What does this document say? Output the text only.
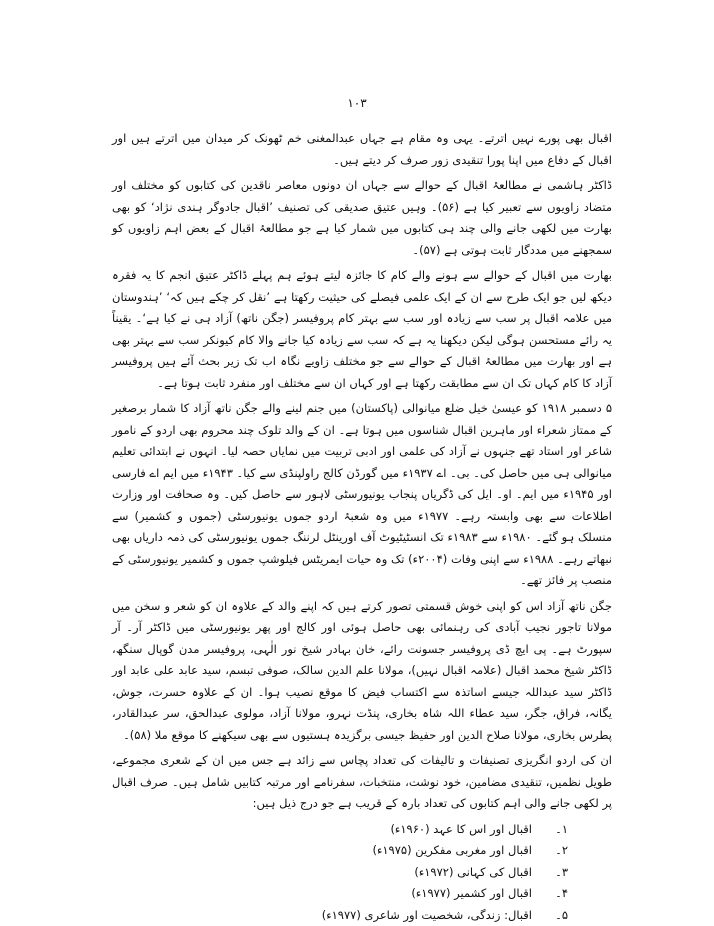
۱۰۳

اقبال بھی پورے نہیں اترتے۔ یہی وہ مقام ہے جہاں عبدالمغنی خم ٹھونک کر میدان میں اترتے ہیں اور اقبال کے دفاع میں اپنا پورا تنقیدی زور صرف کر دیتے ہیں۔

ڈاکٹر ہاشمی نے مطالعۂ اقبال کے حوالے سے جہاں ان دونوں معاصر ناقدین کی کتابوں کو مختلف اور متضاد زاویوں سے تعبیر کیا ہے (۵۶)۔ وہیں عتیق صدیقی کی تصنیف ’اقبال جادوگر ہندی نژاد‘ کو بھی بھارت میں لکھی جانے والی چند ہی کتابوں میں شمار کیا ہے جو مطالعۂ اقبال کے بعض اہم زاویوں کو سمجھنے میں مددگار ثابت ہوتی ہے (۵۷)۔

بھارت میں اقبال کے حوالے سے ہونے والے کام کا جائزہ لیتے ہوئے ہم پہلے ڈاکٹر عتیق انجم کا یہ فقرہ دیکھ لیں جو ایک طرح سے ان کے ایک علمی فیصلے کی حیثیت رکھتا ہے ’نقل کر چکے ہیں کہ‘ ’ہندوستان میں علامہ اقبال پر سب سے زیادہ اور سب سے بہتر کام پروفیسر (جگن ناتھ) آزاد ہی نے کیا ہے‘۔ یقیناً یہ رائے مستحسن ہوگی لیکن دیکھنا یہ ہے کہ سب سے زیادہ کیا جانے والا کام کیونکر سب سے بہتر بھی ہے اور بھارت میں مطالعۂ اقبال کے حوالے سے جو مختلف زاویے نگاہ اب تک زیر بحث آئے ہیں پروفیسر آزاد کا کام کہاں تک ان سے مطابقت رکھتا ہے اور کہاں ان سے مختلف اور منفرد ثابت ہوتا ہے۔

۵ دسمبر ۱۹۱۸ کو عیسیٰ خیل ضلع میانوالی (پاکستان) میں جنم لینے والے جگن ناتھ آزاد کا شمار برصغیر کے ممتاز شعراء اور ماہرین اقبال شناسوں میں ہوتا ہے۔ ان کے والد تلوک چند محروم بھی اردو کے نامور شاعر اور استاد تھے جنہوں نے آزاد کی علمی اور ادبی تربیت میں نمایاں حصہ لیا۔ انہوں نے ابتدائی تعلیم میانوالی ہی میں حاصل کی۔ بی۔ اے ۱۹۳۷ء میں گورڈن کالج راولپنڈی سے کیا۔ ۱۹۴۳ء میں ایم اے فارسی اور ۱۹۴۵ء میں ایم۔ او۔ ایل کی ڈگریاں پنجاب یونیورسٹی لاہور سے حاصل کیں۔ وہ صحافت اور وزارت اطلاعات سے بھی وابستہ رہے۔ ۱۹۷۷ء میں وہ شعبۂ اردو جموں یونیورسٹی (جموں و کشمیر) سے منسلک ہو گئے۔ ۱۹۸۰ء سے ۱۹۸۳ء تک انسٹیٹیوٹ آف اورینٹل لرننگ جموں یونیورسٹی کی ذمہ داریاں بھی نبھاتے رہے۔ ۱۹۸۸ء سے اپنی وفات (۲۰۰۴ء) تک وہ حیات ایمریٹس فیلوشپ جموں و کشمیر یونیورسٹی کے منصب پر فائز تھے۔

جگن ناتھ آزاد اس کو اپنی خوش قسمتی تصور کرتے ہیں کہ اپنے والد کے علاوہ ان کو شعر و سخن میں مولانا تاجور نجیب آبادی کی رہنمائی بھی حاصل ہوئی اور کالج اور پھر یونیورسٹی میں ڈاکٹر آر۔ آر سپورٹ ہے۔ پی ایچ ڈی پروفیسر جسونت رائے، خان بہادر شیخ نور الٰہی، پروفیسر مدن گوپال سنگھ، ڈاکٹر شیخ محمد اقبال (علامہ اقبال نہیں)، مولانا علم الدین سالک، صوفی تبسم، سید عابد علی عابد اور ڈاکٹر سید عبداللہ جیسے اساتذہ سے اکتساب فیض کا موقع نصیب ہوا۔ ان کے علاوہ حسرت، جوش، یگانہ، فراق، جگر، سید عطاء اللہ شاہ بخاری، پنڈت نہرو، مولانا آزاد، مولوی عبدالحق، سر عبدالقادر، پطرس بخاری، مولانا صلاح الدین اور حفیظ جیسی برگزیدہ ہستیوں سے بھی سیکھنے کا موقع ملا (۵۸)۔

ان کی اردو انگریزی تصنیفات و تالیفات کی تعداد پچاس سے زائد ہے جس میں ان کے شعری مجموعے، طویل نظمیں، تنقیدی مضامین، خود نوشت، منتخبات، سفرنامے اور مرتبہ کتابیں شامل ہیں۔ صرف اقبال پر لکھی جانے والی اہم کتابوں کی تعداد بارہ کے قریب ہے جو درج ذیل ہیں:

۱۔
اقبال اور اس کا عہد (۱۹۶۰ء)
۲۔
اقبال اور مغربی مفکرین (۱۹۷۵ء)
۳۔
اقبال کی کہانی (۱۹۷۲ء)
۴۔
اقبال اور کشمیر (۱۹۷۷ء)
۵۔
اقبال: زندگی، شخصیت اور شاعری (۱۹۷۷ء)
